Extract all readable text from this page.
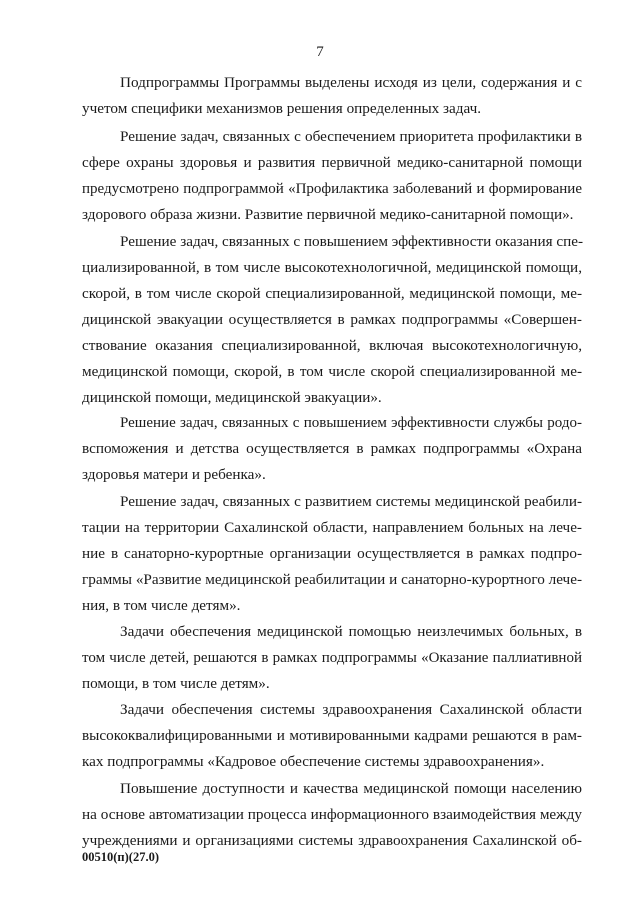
7
Подпрограммы Программы выделены исходя из цели, содержания и с
учетом специфики механизмов решения определенных задач.
Решение задач, связанных с обеспечением приоритета профилактики в
сфере охраны здоровья и развития первичной медико-санитарной помощи
предусмотрено подпрограммой «Профилактика заболеваний и формирование
здорового образа жизни. Развитие первичной медико-санитарной помощи».
Решение задач, связанных с повышением эффективности оказания спе-
циализированной, в том числе высокотехнологичной, медицинской помощи,
скорой, в том числе скорой специализированной, медицинской помощи, ме-
дицинской эвакуации осуществляется в рамках подпрограммы «Совершен-
ствование оказания специализированной, включая высокотехнологичную,
медицинской помощи, скорой, в том числе скорой специализированной ме-
дицинской помощи, медицинской эвакуации».
Решение задач, связанных с повышением эффективности службы родо-
вспоможения и детства осуществляется в рамках подпрограммы «Охрана
здоровья матери и ребенка».
Решение задач, связанных с развитием системы медицинской реабили-
тации на территории Сахалинской области, направлением больных на лече-
ние в санаторно-курортные организации осуществляется в рамках подпро-
граммы «Развитие медицинской реабилитации и санаторно-курортного лече-
ния, в том числе детям».
Задачи обеспечения медицинской помощью неизлечимых больных, в
том числе детей, решаются в рамках подпрограммы «Оказание паллиативной
помощи, в том числе детям».
Задачи обеспечения системы здравоохранения Сахалинской области
высококвалифицированными и мотивированными кадрами решаются в рам-
ках подпрограммы «Кадровое обеспечение системы здравоохранения».
Повышение доступности и качества медицинской помощи населению
на основе автоматизации процесса информационного взаимодействия между
учреждениями и организациями системы здравоохранения Сахалинской об-
00510(п)(27.0)
